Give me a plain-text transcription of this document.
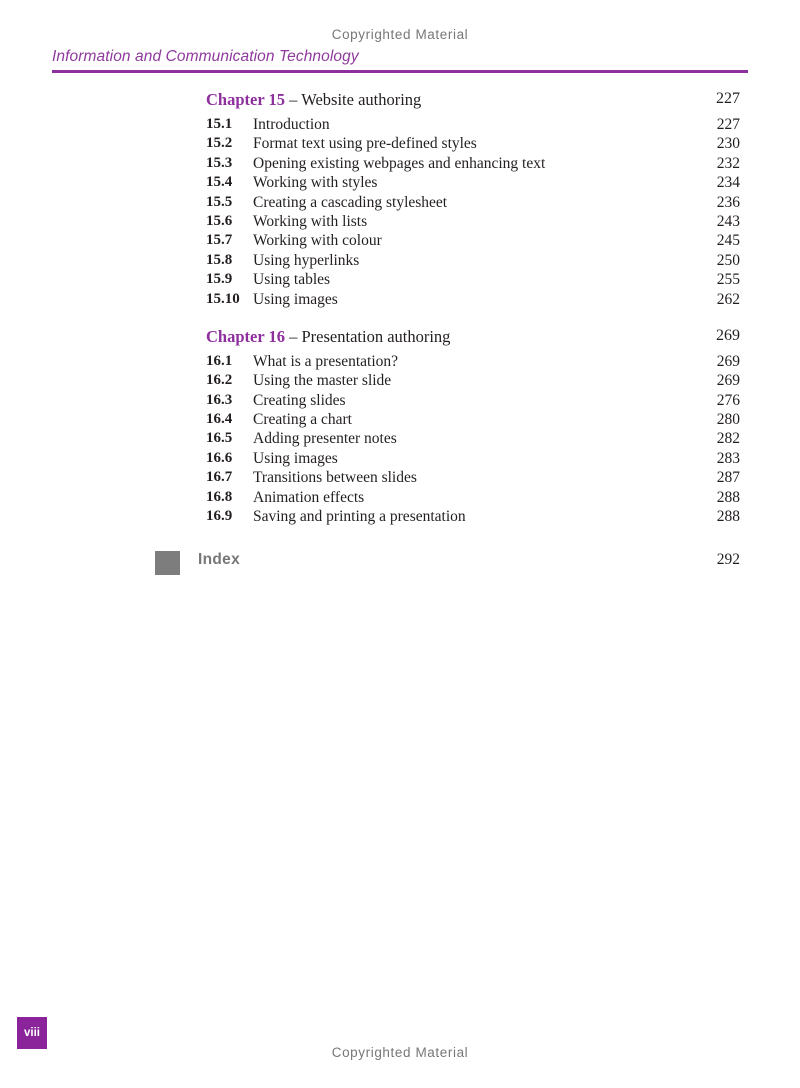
Copyrighted Material
Information and Communication Technology
Chapter 15 – Website authoring	227
15.1 Introduction	227
15.2 Format text using pre-defined styles	230
15.3 Opening existing webpages and enhancing text	232
15.4 Working with styles	234
15.5 Creating a cascading stylesheet	236
15.6 Working with lists	243
15.7 Working with colour	245
15.8 Using hyperlinks	250
15.9 Using tables	255
15.10 Using images	262
Chapter 16 – Presentation authoring	269
16.1 What is a presentation?	269
16.2 Using the master slide	269
16.3 Creating slides	276
16.4 Creating a chart	280
16.5 Adding presenter notes	282
16.6 Using images	283
16.7 Transitions between slides	287
16.8 Animation effects	288
16.9 Saving and printing a presentation	288
Index	292
viii
Copyrighted Material
